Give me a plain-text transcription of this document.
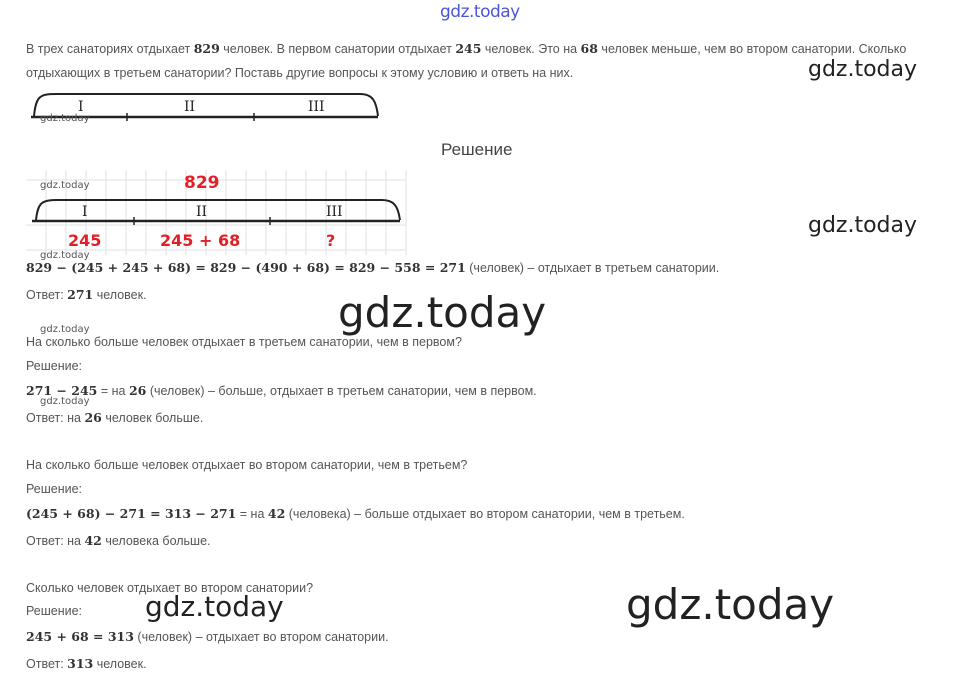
gdz.today
В трех санаториях отдыхает 829 человек. В первом санатории отдыхает 245 человек. Это на 68 человек меньше, чем во втором санатории. Сколько
отдыхающих в третьем санатории? Поставь другие вопросы к этому условию и ответь на них.
I	II	III
gdz.today
gdz.today
gdz.today
Решение
829
I	II	III
245	245 + 68	?
gdz.today
gdz.today
829 − (245 + 245 + 68) = 829 − (490 + 68) = 829 − 558 = 271 (человек) – отдыхает в третьем санатории.
Ответ: 271 человек.	gdz.today
gdz.today
На сколько больше человек отдыхает в третьем санатории, чем в первом?
Решение:
271 − 245 = на 26 (человек) – больше, отдыхает в третьем санатории, чем в первом.
gdz.today
Ответ: на 26 человек больше.
На сколько больше человек отдыхает во втором санатории, чем в третьем?
Решение:
(245 + 68) − 271 = 313 − 271 = на 42 (человека) – больше отдыхает во втором санатории, чем в третьем.
Ответ: на 42 человека больше.
Сколько человек отдыхает во втором санатории?
Решение:
245 + 68 = 313 (человек) – отдыхает во втором санатории.
Ответ: 313 человек.
gdz.today	gdz.today
